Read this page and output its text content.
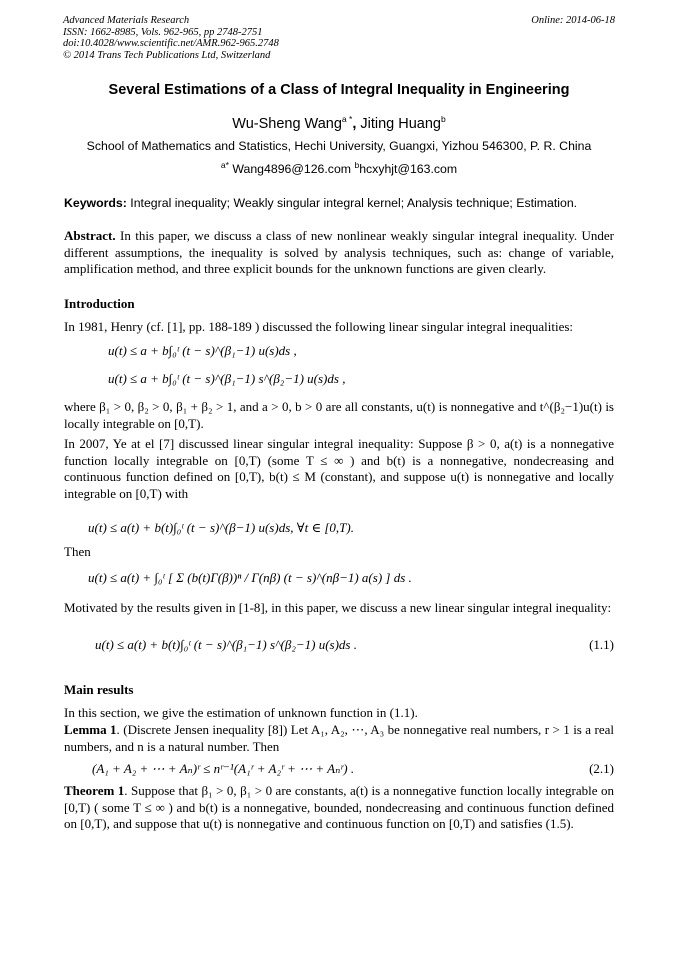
Advanced Materials Research
ISSN: 1662-8985, Vols. 962-965, pp 2748-2751
doi:10.4028/www.scientific.net/AMR.962-965.2748
© 2014 Trans Tech Publications Ltd, Switzerland
Online: 2014-06-18
Several Estimations of a Class of Integral Inequality in Engineering
Wu-Sheng Wang$^{a *}$, Jiting Huang$^b$
School of Mathematics and Statistics, Hechi University, Guangxi, Yizhou 546300, P. R. China
$^{a*}$ Wang4896@126.com $^b$hcxyhjt@163.com
Keywords: Integral inequality; Weakly singular integral kernel; Analysis technique; Estimation.
Abstract. In this paper, we discuss a class of new nonlinear weakly singular integral inequality. Under different assumptions, the inequality is solved by analysis techniques, such as: change of variable, amplification method, and three explicit bounds for the unknown functions are given clearly.
Introduction
In 1981, Henry (cf. [1], pp. 188-189 ) discussed the following linear singular integral inequalities:
u(t) ≤ a + b∫₀ᵗ (t − s)^(β₁−1) u(s)ds ,
u(t) ≤ a + b∫₀ᵗ (t − s)^(β₁−1) s^(β₂−1) u(s)ds ,
where β₁ > 0, β₂ > 0, β₁ + β₂ > 1, and a > 0, b > 0 are all constants, u(t) is nonnegative and t^(β₂−1)u(t) is locally integrable on [0,T).
In 2007, Ye at el [7] discussed linear singular integral inequality: Suppose β > 0, a(t) is a nonnegative function locally integrable on [0,T) (some T ≤ ∞ ) and b(t) is a nonnegative, nondecreasing and continuous function defined on [0,T), b(t) ≤ M (constant), and suppose u(t) is nonnegative and locally integrable on [0,T) with
u(t) ≤ a(t) + b(t)∫₀ᵗ (t − s)^(β−1) u(s)ds, ∀t ∈ [0,T).
Then
u(t) ≤ a(t) + ∫₀ᵗ [ Σ (b(t)Γ(β))ⁿ / Γ(nβ) (t − s)^(nβ−1) a(s) ] ds .
Motivated by the results given in [1-8], in this paper, we discuss a new linear singular integral inequality:
u(t) ≤ a(t) + b(t)∫₀ᵗ (t − s)^(β₁−1) s^(β₂−1) u(s)ds .	(1.1)
Main results
In this section, we give the estimation of unknown function in (1.1).
Lemma 1. (Discrete Jensen inequality [8]) Let A₁, A₂, ⋯, A₃ be nonnegative real numbers, r > 1 is a real numbers, and n is a natural number. Then
(A₁ + A₂ + ⋯ + Aₙ)ʳ ≤ nʳ⁻¹(A₁ʳ + A₂ʳ + ⋯ + Aₙʳ) .	(2.1)
Theorem 1. Suppose that β₁ > 0, β₁ > 0 are constants, a(t) is a nonnegative function locally integrable on [0,T) ( some T ≤ ∞ ) and b(t) is a nonnegative, bounded, nondecreasing and continuous function defined on [0,T), and suppose that u(t) is nonnegative and continuous function on [0,T) and satisfies (1.5).
